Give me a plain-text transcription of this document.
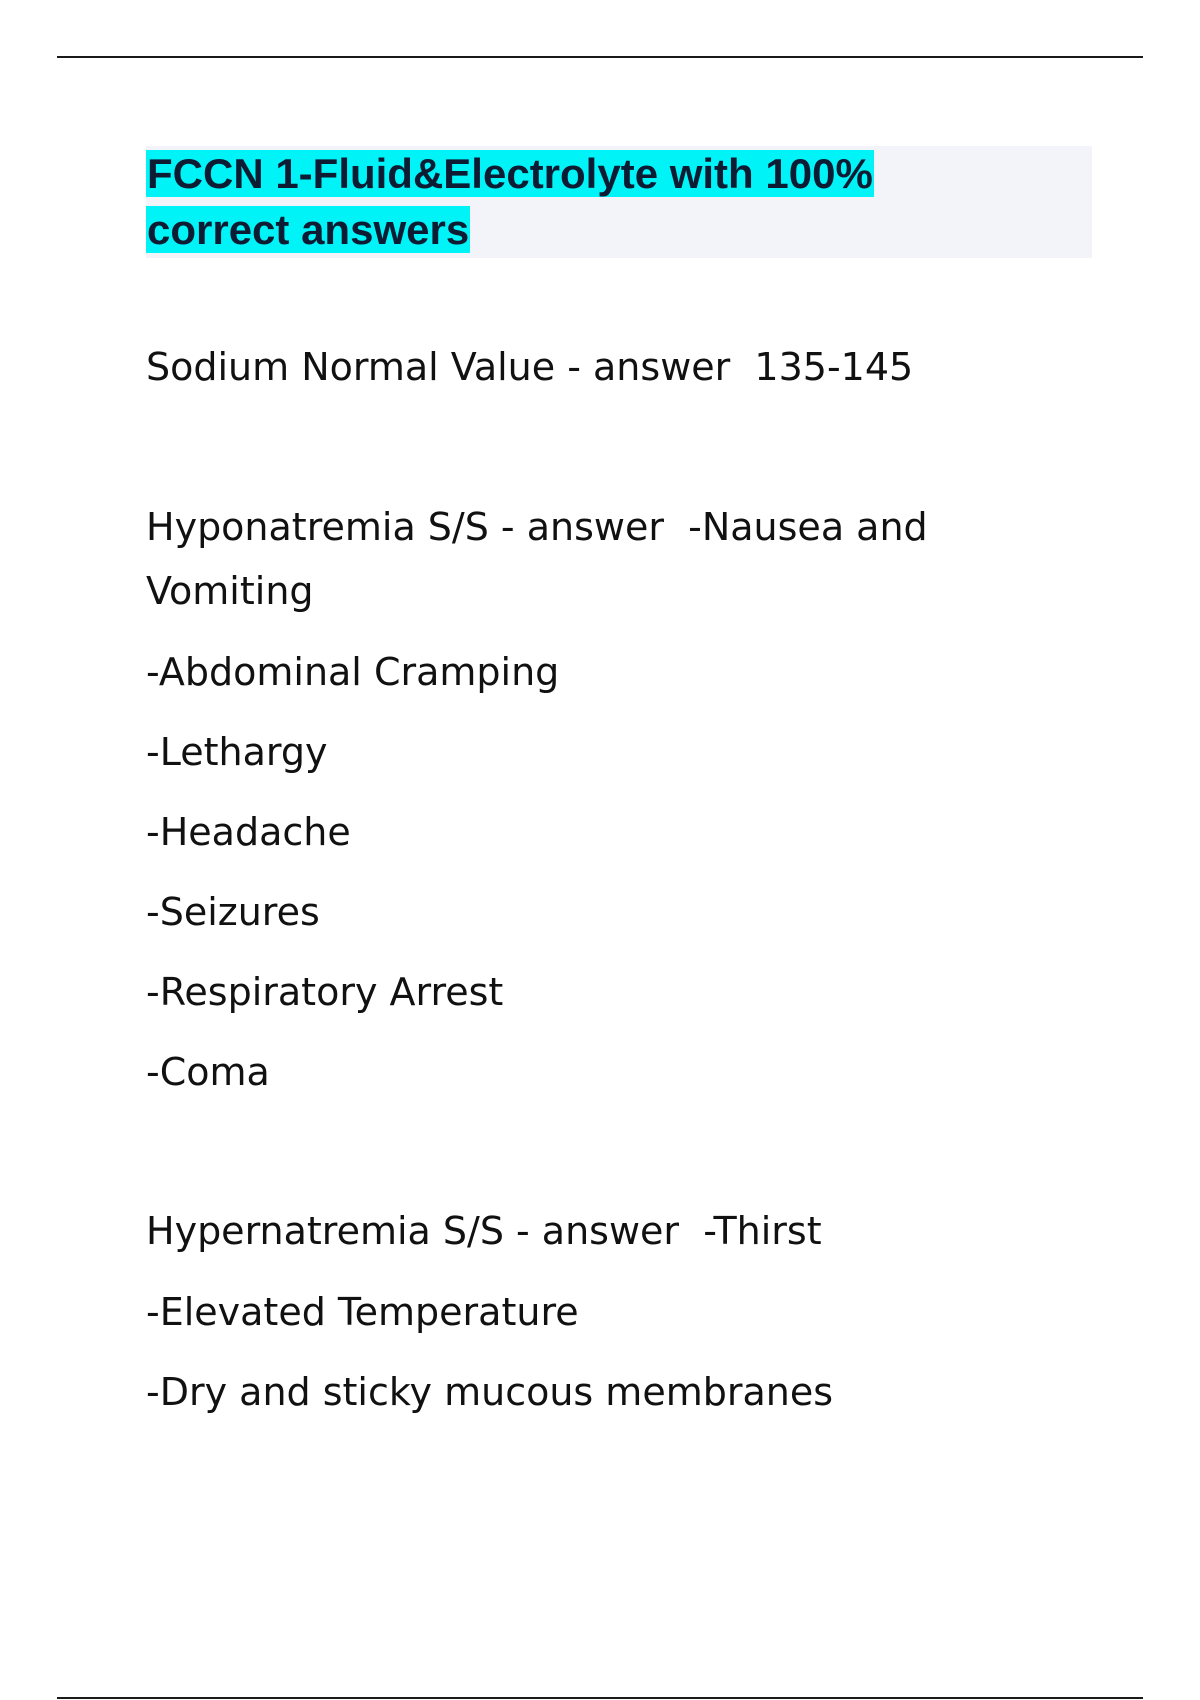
FCCN 1-Fluid&Electrolyte with 100% correct answers

Sodium Normal Value - answer  135-145

Hyponatremia S/S - answer  -Nausea and Vomiting

-Abdominal Cramping

-Lethargy

-Headache

-Seizures

-Respiratory Arrest

-Coma

Hypernatremia S/S - answer  -Thirst

-Elevated Temperature

-Dry and sticky mucous membranes
